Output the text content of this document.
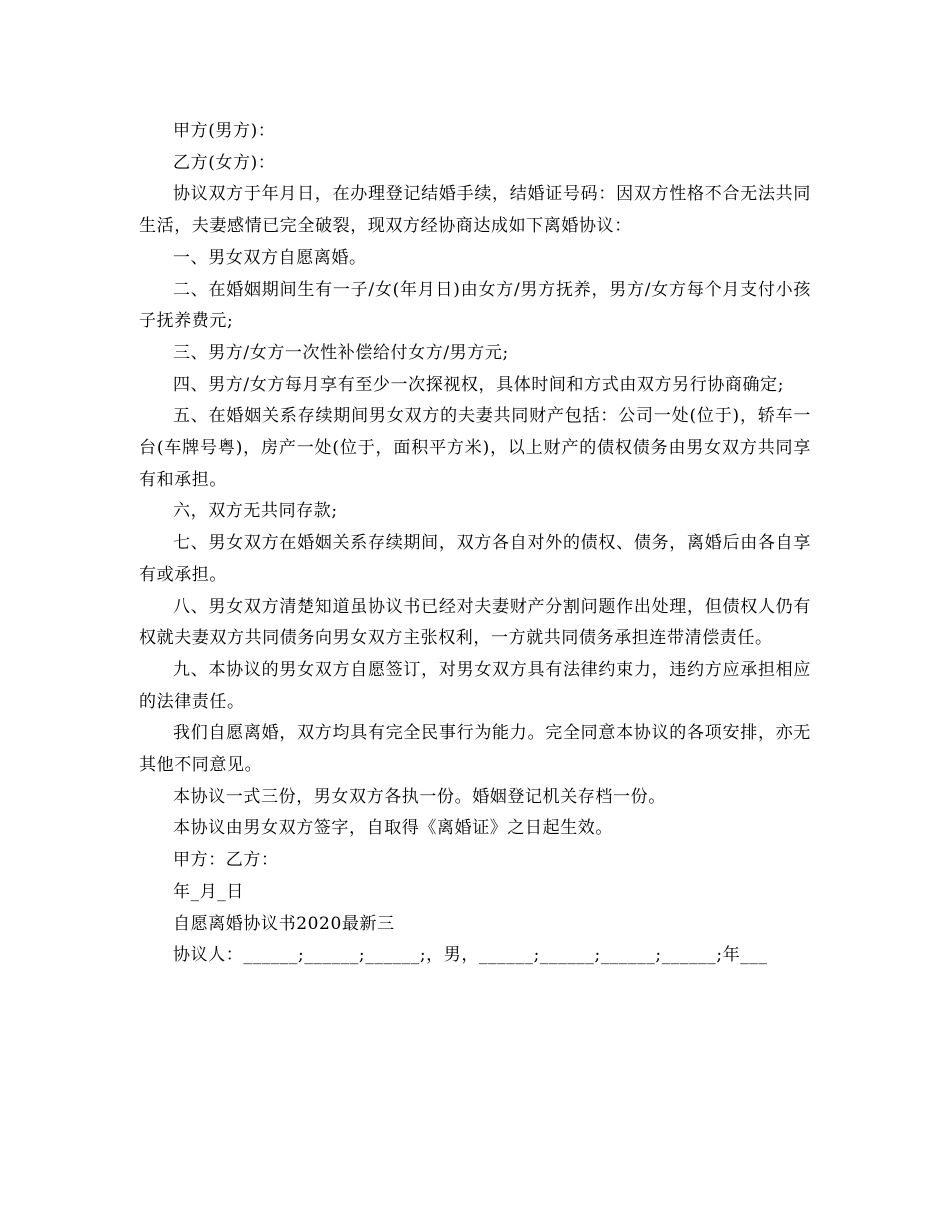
甲方(男方)：

乙方(女方)：

协议双方于年月日，在办理登记结婚手续，结婚证号码：因双方性格不合无法共同生活，夫妻感情已完全破裂，现双方经协商达成如下离婚协议：

一、男女双方自愿离婚。

二、在婚姻期间生有一子/女(年月日)由女方/男方抚养，男方/女方每个月支付小孩子抚养费元;

三、男方/女方一次性补偿给付女方/男方元;

四、男方/女方每月享有至少一次探视权，具体时间和方式由双方另行协商确定;

五、在婚姻关系存续期间男女双方的夫妻共同财产包括：公司一处(位于)，轿车一台(车牌号粤)，房产一处(位于，面积平方米)，以上财产的债权债务由男女双方共同享有和承担。

六，双方无共同存款;

七、男女双方在婚姻关系存续期间，双方各自对外的债权、债务，离婚后由各自享有或承担。

八、男女双方清楚知道虽协议书已经对夫妻财产分割问题作出处理，但债权人仍有权就夫妻双方共同债务向男女双方主张权利，一方就共同债务承担连带清偿责任。

九、本协议的男女双方自愿签订，对男女双方具有法律约束力，违约方应承担相应的法律责任。

我们自愿离婚，双方均具有完全民事行为能力。完全同意本协议的各项安排，亦无其他不同意见。

本协议一式三份，男女双方各执一份。婚姻登记机关存档一份。

本协议由男女双方签字，自取得《离婚证》之日起生效。

甲方：乙方：

年_月_日

自愿离婚协议书2020最新三

协议人：______;______;______;，男，______;______;______;______;年___
